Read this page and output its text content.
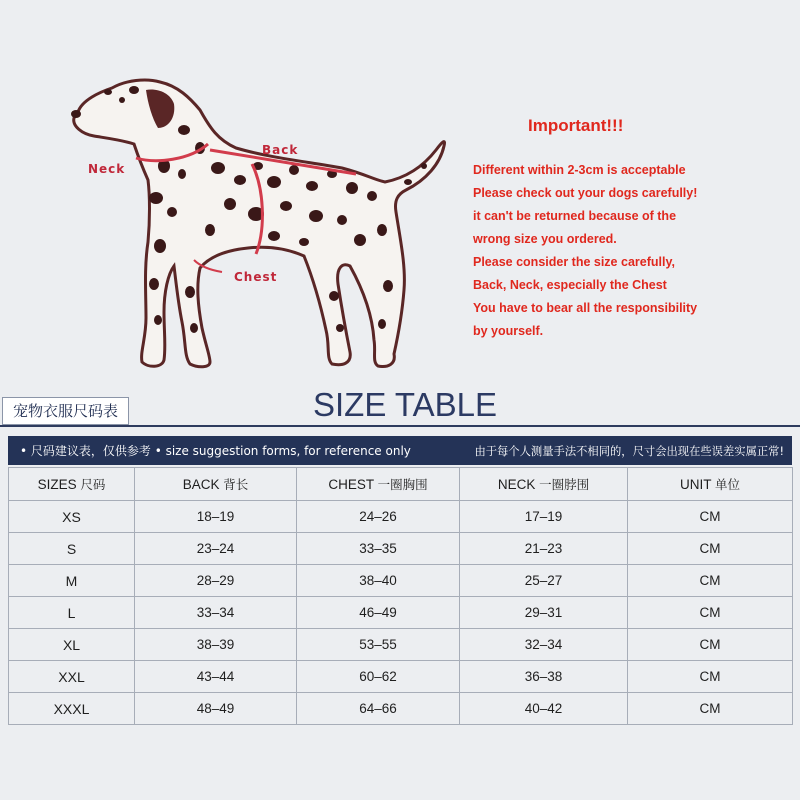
Neck
Back
Chest
Important!!!
Different within 2-3cm is acceptable
Please check out your dogs carefully!
it can't be returned because of the
wrong size you ordered.
Please consider the size carefully,
Back, Neck, especially the Chest
You have to bear all the responsibility
by yourself.
宠物衣服尺码表	SIZE TABLE
• 尺码建议表，仅供参考 • size suggestion forms, for reference only	由于每个人测量手法不相同的，尺寸会出现在些误差实属正常!
SIZES 尺码	BACK 背长	CHEST 一圈胸围	NECK 一圈脖围	UNIT 单位
XS	18–19	24–26	17–19	CM
S	23–24	33–35	21–23	CM
M	28–29	38–40	25–27	CM
L	33–34	46–49	29–31	CM
XL	38–39	53–55	32–34	CM
XXL	43–44	60–62	36–38	CM
XXXL	48–49	64–66	40–42	CM
